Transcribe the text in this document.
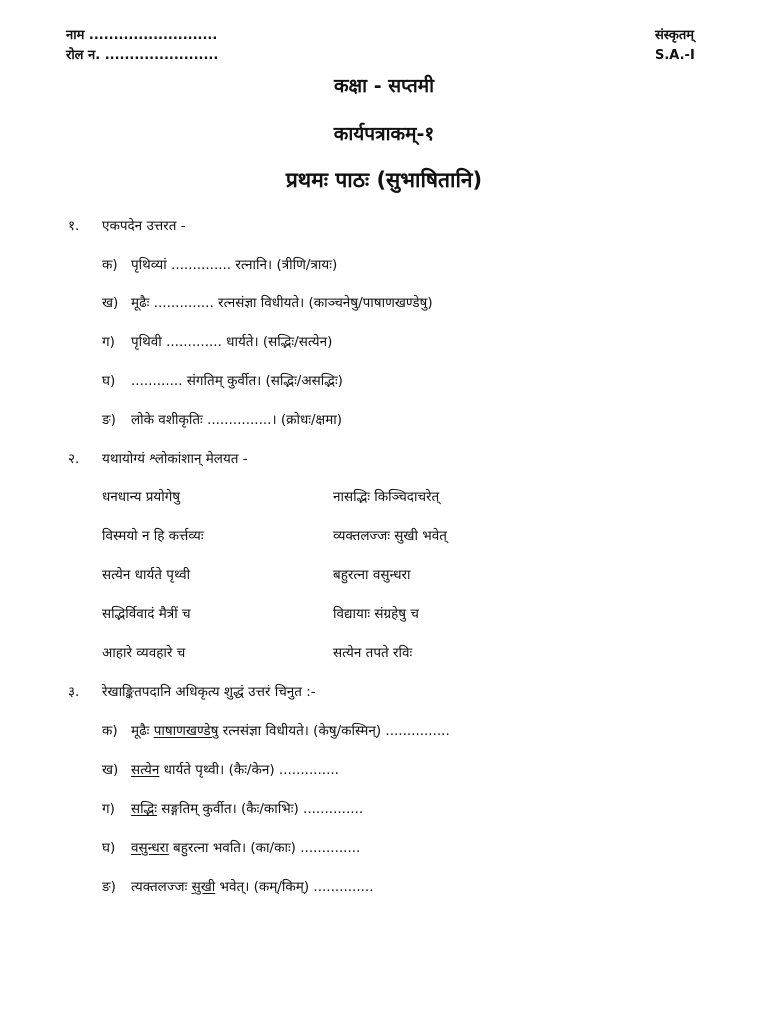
नाम ..........................
रोल न. .......................
संस्कृतम्
S.A.-I
कक्षा - सप्तमी
कार्यपत्राकम्-१
प्रथमः पाठः (सुभाषितानि)
१. एकपदेन उत्तरत -
क) पृथिव्यां .............. रत्नानि। (त्रीणि/त्रायः)
ख) मूढैः .............. रत्नसंज्ञा विधीयते। (काञ्चनेषु/पाषाणखण्डेषु)
ग) पृथिवी ............. धार्यते। (सद्भिः/सत्येन)
घ) ............ संगतिम् कुर्वीत। (सद्भिः/असद्भिः)
ङ) लोके वशीकृतिः ...............। (क्रोधः/क्षमा)
२. यथायोग्यं श्लोकांशान् मेलयत -
धनधान्य प्रयोगेषु	नासद्भिः किञ्चिदाचरेत्
विस्मयो न हि कर्त्तव्यः	व्यक्तलज्जः सुखी भवेत्
सत्येन धार्यते पृथ्वी	बहुरत्ना वसुन्धरा
सद्भिर्विवादं मैत्रीं च	विद्यायाः संग्रहेषु च
आहारे व्यवहारे च	सत्येन तपते रविः
३. रेखाङ्कितपदानि अधिकृत्य शुद्धं उत्तरं चिनुत :-
क) मूढैः पाषाणखण्डेषु रत्नसंज्ञा विधीयते। (केषु/कस्मिन्) ...............
ख) सत्येन धार्यते पृथ्वी। (कैः/केन) ..............
ग) सद्भिः सङ्गतिम् कुर्वीत। (कैः/काभिः) ..............
घ) वसुन्धरा बहुरत्ना भवति। (का/काः) ..............
ङ) त्यक्तलज्जः सुखी भवेत्। (कम्/किम्) ..............
